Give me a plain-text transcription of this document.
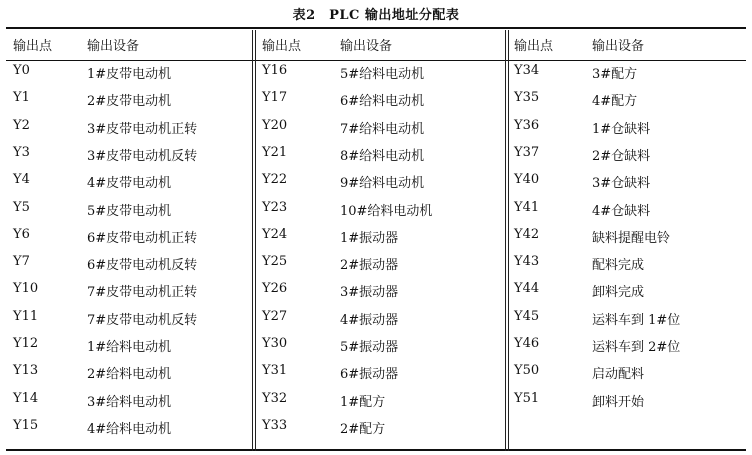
表2　PLC 输出地址分配表
输出点	输出设备
Y0	1#皮带电动机
Y1	2#皮带电动机
Y2	3#皮带电动机正转
Y3	3#皮带电动机反转
Y4	4#皮带电动机
Y5	5#皮带电动机
Y6	6#皮带电动机正转
Y7	6#皮带电动机反转
Y10	7#皮带电动机正转
Y11	7#皮带电动机反转
Y12	1#给料电动机
Y13	2#给料电动机
Y14	3#给料电动机
Y15	4#给料电动机
输出点	输出设备
Y16	5#给料电动机
Y17	6#给料电动机
Y20	7#给料电动机
Y21	8#给料电动机
Y22	9#给料电动机
Y23	10#给料电动机
Y24	1#振动器
Y25	2#振动器
Y26	3#振动器
Y27	4#振动器
Y30	5#振动器
Y31	6#振动器
Y32	1#配方
Y33	2#配方
输出点	输出设备
Y34	3#配方
Y35	4#配方
Y36	1#仓缺料
Y37	2#仓缺料
Y40	3#仓缺料
Y41	4#仓缺料
Y42	缺料提醒电铃
Y43	配料完成
Y44	卸料完成
Y45	运料车到 1#位
Y46	运料车到 2#位
Y50	启动配料
Y51	卸料开始
